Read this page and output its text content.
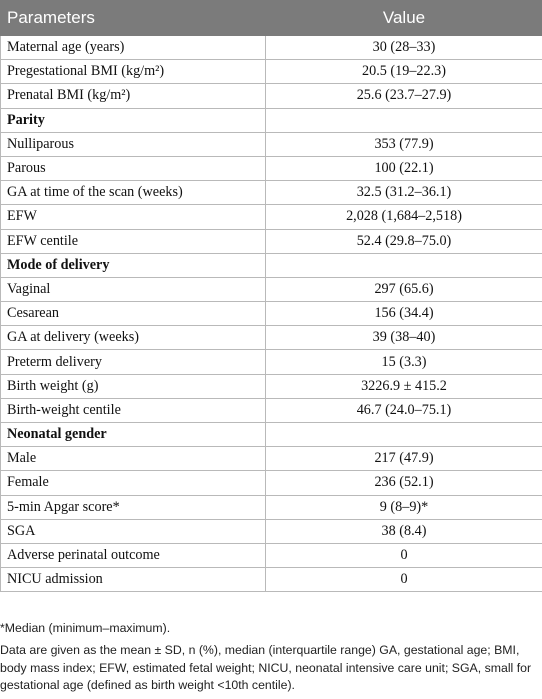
Parameters	Value
Maternal age (years)	30 (28–33)
Pregestational BMI (kg/m²)	20.5 (19–22.3)
Prenatal BMI (kg/m²)	25.6 (23.7–27.9)
Parity	
Nulliparous	353 (77.9)
Parous	100 (22.1)
GA at time of the scan (weeks)	32.5 (31.2–36.1)
EFW	2,028 (1,684–2,518)
EFW centile	52.4 (29.8–75.0)
Mode of delivery	
Vaginal	297 (65.6)
Cesarean	156 (34.4)
GA at delivery (weeks)	39 (38–40)
Preterm delivery	15 (3.3)
Birth weight (g)	3226.9 ± 415.2
Birth-weight centile	46.7 (24.0–75.1)
Neonatal gender	
Male	217 (47.9)
Female	236 (52.1)
5-min Apgar score*	9 (8–9)*
SGA	38 (8.4)
Adverse perinatal outcome	0
NICU admission	0

*Median (minimum–maximum).

Data are given as the mean ± SD, n (%), median (interquartile range) GA, gestational age; BMI, body mass index; EFW, estimated fetal weight; NICU, neonatal intensive care unit; SGA, small for gestational age (defined as birth weight <10th centile).
